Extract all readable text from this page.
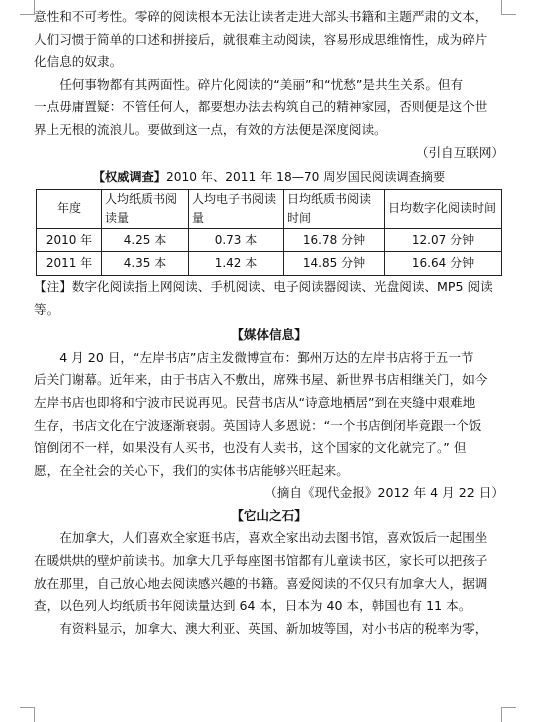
意性和不可考性。零碎的阅读根本无法让读者走进大部头书籍和主题严肃的文本，

人们习惯于简单的口述和拼接后，就很难主动阅读，容易形成思维惰性，成为碎片

化信息的奴隶。

任何事物都有其两面性。碎片化阅读的“美丽”和“忧愁”是共生关系。但有

一点毋庸置疑：不管任何人，都要想办法去构筑自己的精神家园，否则便是这个世

界上无根的流浪儿。要做到这一点，有效的方法便是深度阅读。

（引自互联网）

【权威调查】2010 年、2011 年 18—70 周岁国民阅读调查摘要
年度	人均纸质书阅读量	人均电子书阅读量	日均纸质书阅读时间	日均数字化阅读时间
2010 年	4.25 本	0.73 本	16.78 分钟	12.07 分钟
2011 年	4.35 本	1.42 本	14.85 分钟	16.64 分钟

【注】数字化阅读指上网阅读、手机阅读、电子阅读器阅读、光盘阅读、MP5 阅读

等。

【媒体信息】

4 月 20 日，“左岸书店”店主发微博宣布：鄞州万达的左岸书店将于五一节

后关门谢幕。近年来，由于书店入不敷出，席殊书屋、新世界书店相继关门，如今

左岸书店也即将和宁波市民说再见。民营书店从“诗意地栖居”到在夹缝中艰难地

生存，书店文化在宁波逐渐衰弱。英国诗人多恩说：“一个书店倒闭毕竟跟一个饭

馆倒闭不一样，如果没有人买书，也没有人卖书，这个国家的文化就完了。” 但

愿，在全社会的关心下，我们的实体书店能够兴旺起来。

（摘自《现代金报》2012 年 4 月 22 日）

【它山之石】

在加拿大，人们喜欢全家逛书店，喜欢全家出动去图书馆，喜欢饭后一起围坐

在暖烘烘的壁炉前读书。加拿大几乎每座图书馆都有儿童读书区，家长可以把孩子

放在那里，自己放心地去阅读感兴趣的书籍。喜爱阅读的不仅只有加拿大人，据调

查，以色列人均纸质书年阅读量达到 64 本，日本为 40 本，韩国也有 11 本。

有资料显示，加拿大、澳大利亚、英国、新加坡等国，对小书店的税率为零，
